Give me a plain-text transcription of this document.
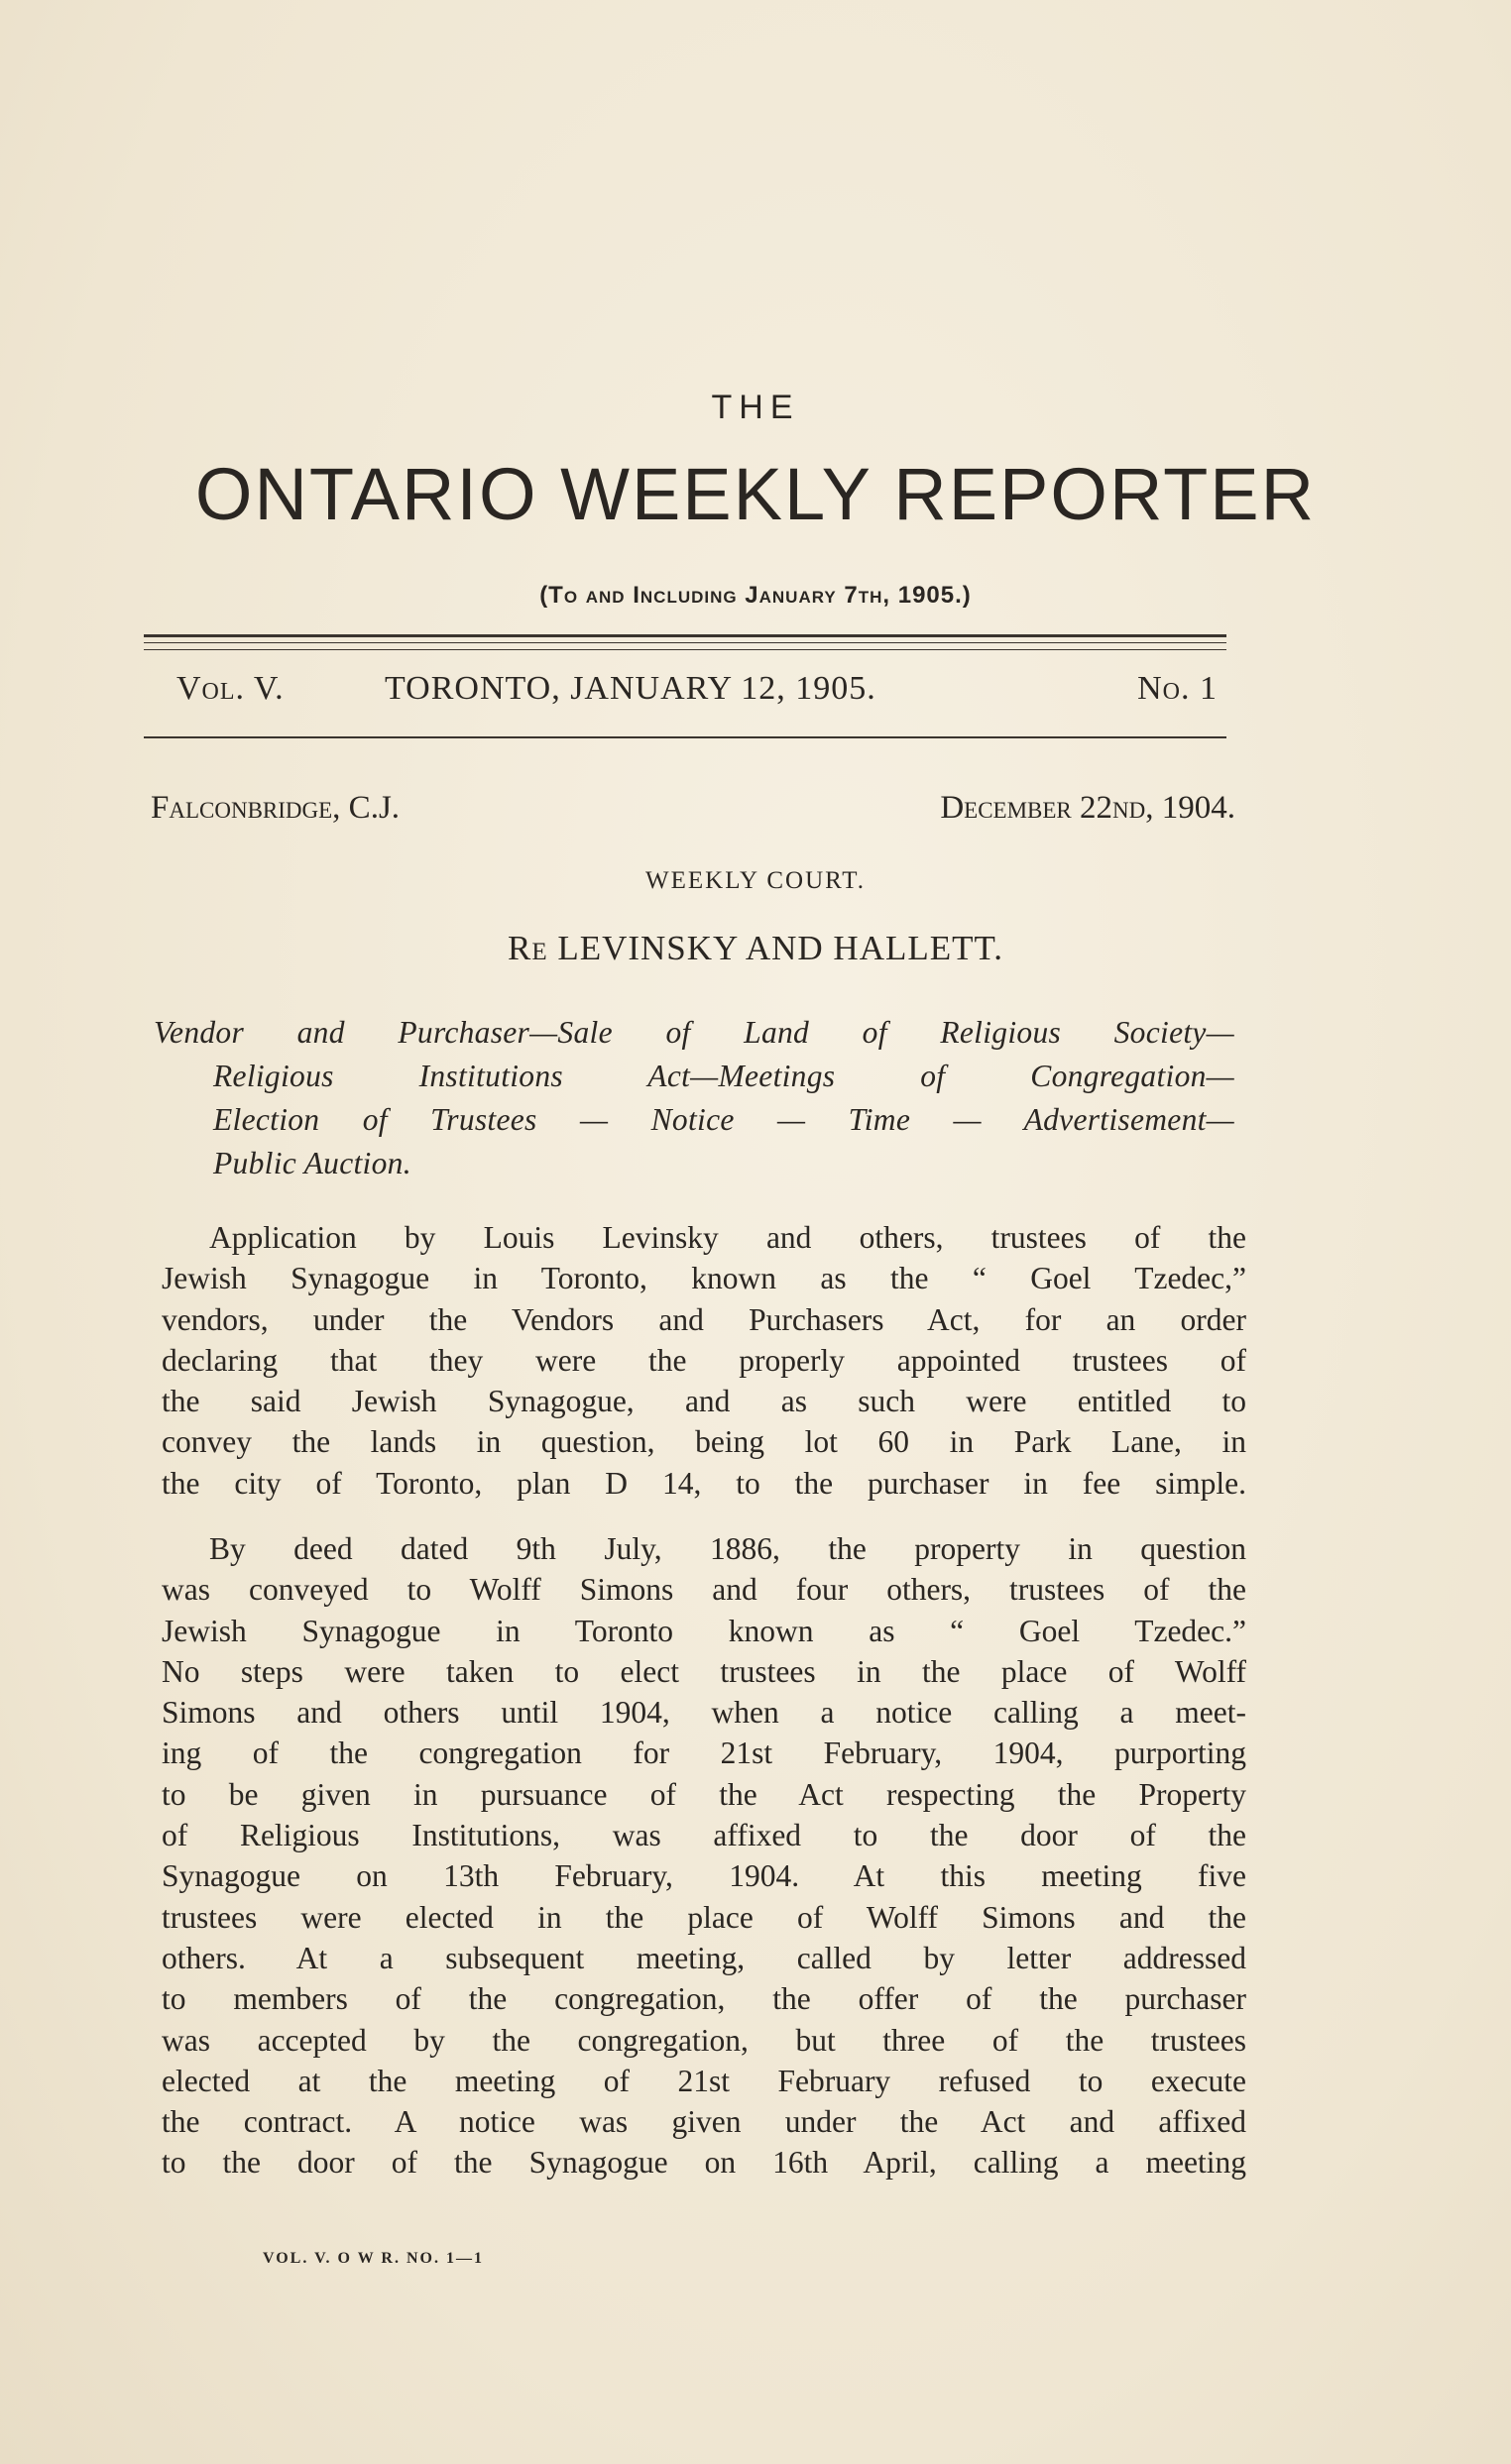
THE
ONTARIO WEEKLY REPORTER
(To and Including January 7th, 1905.)
Vol. V.	TORONTO, JANUARY 12, 1905.	No. 1
Falconbridge, C.J.	December 22nd, 1904.
WEEKLY COURT.
Re LEVINSKY AND HALLETT.
Vendor and Purchaser—Sale of Land of Religious Society—
Religious Institutions Act—Meetings of Congregation—
Election of Trustees — Notice — Time — Advertisement—
Public Auction.
Application by Louis Levinsky and others, trustees of the
Jewish Synagogue in Toronto, known as the “ Goel Tzedec,”
vendors, under the Vendors and Purchasers Act, for an order
declaring that they were the properly appointed trustees of
the said Jewish Synagogue, and as such were entitled to
convey the lands in question, being lot 60 in Park Lane, in
the city of Toronto, plan D 14, to the purchaser in fee simple.
By deed dated 9th July, 1886, the property in question
was conveyed to Wolff Simons and four others, trustees of the
Jewish Synagogue in Toronto known as “ Goel Tzedec.”
No steps were taken to elect trustees in the place of Wolff
Simons and others until 1904, when a notice calling a meet-
ing of the congregation for 21st February, 1904, purporting
to be given in pursuance of the Act respecting the Property
of Religious Institutions, was affixed to the door of the
Synagogue on 13th February, 1904. At this meeting five
trustees were elected in the place of Wolff Simons and the
others. At a subsequent meeting, called by letter addressed
to members of the congregation, the offer of the purchaser
was accepted by the congregation, but three of the trustees
elected at the meeting of 21st February refused to execute
the contract. A notice was given under the Act and affixed
to the door of the Synagogue on 16th April, calling a meeting
VOL. V. O W R. NO. 1—1
